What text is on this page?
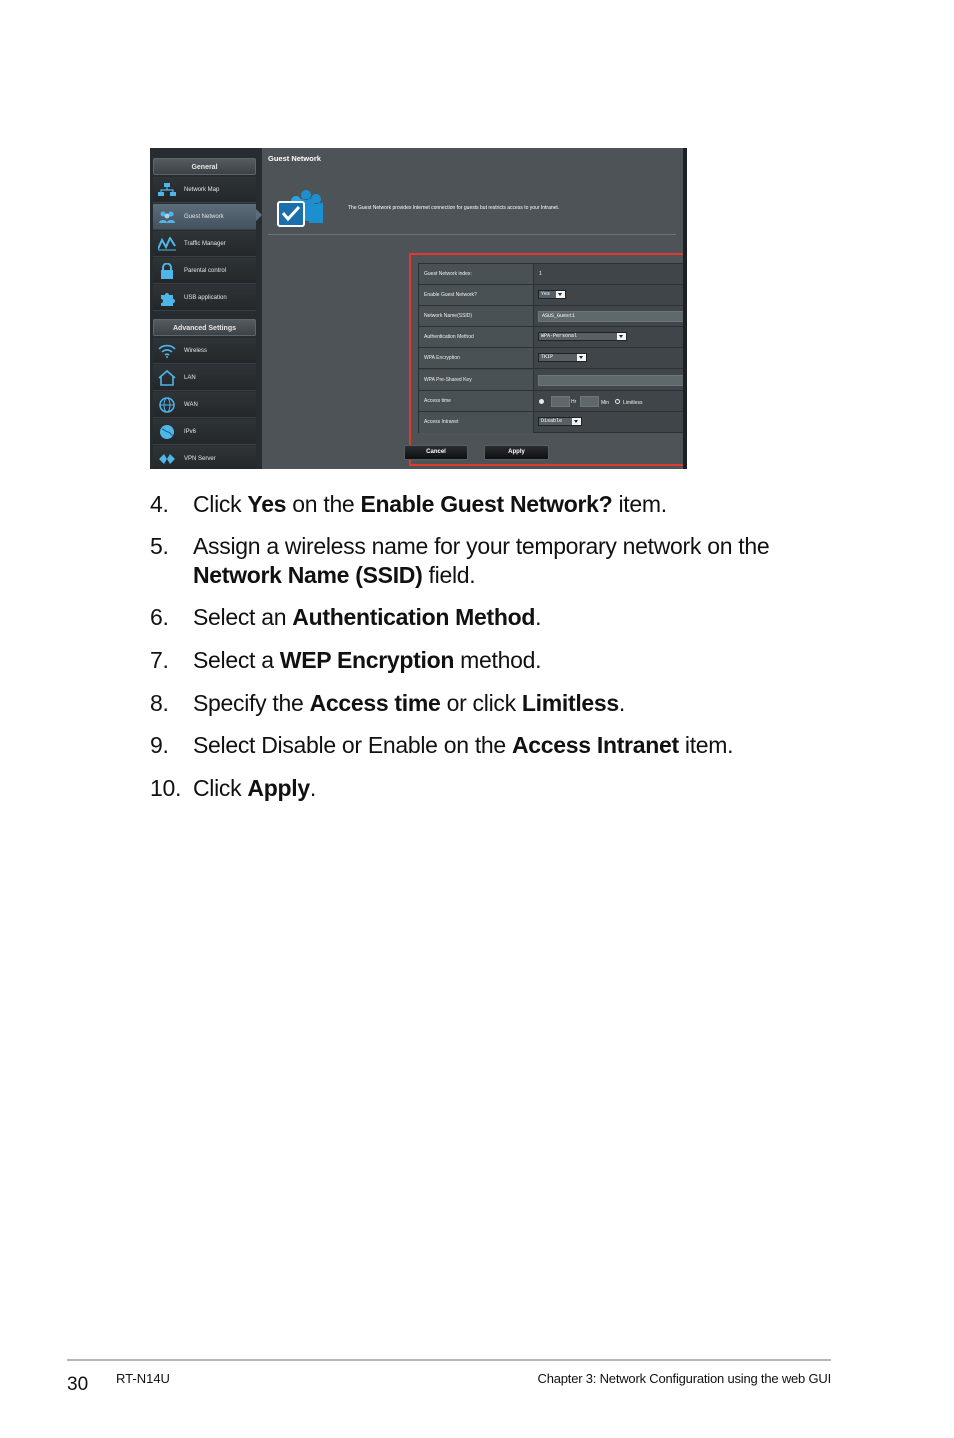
General
Network Map
Guest Network
Traffic Manager
Parental control
USB application
Advanced Settings
Wireless
LAN
WAN
IPv6
VPN Server
Guest Network
The Guest Network provides Internet connection for guests but restricts access to your Intranet.
Guest Network index:	1
Enable Guest Network?	Yes
Network Name(SSID)	ASUS_Guest1
Authentication Method	WPA-Personal
WPA Encryption	TKIP
WPA Pre-Shared Key
Access time	Hr	Min	Limitless
Access Intranet	Disable
Cancel	Apply
4. Click Yes on the Enable Guest Network? item.
5. Assign a wireless name for your temporary network on the
Network Name (SSID) field.
6. Select an Authentication Method.
7. Select a WEP Encryption method.
8. Specify the Access time or click Limitless.
9. Select Disable or Enable on the Access Intranet item.
10. Click Apply.
30 RT-N14U	Chapter 3: Network Configuration using the web GUI
